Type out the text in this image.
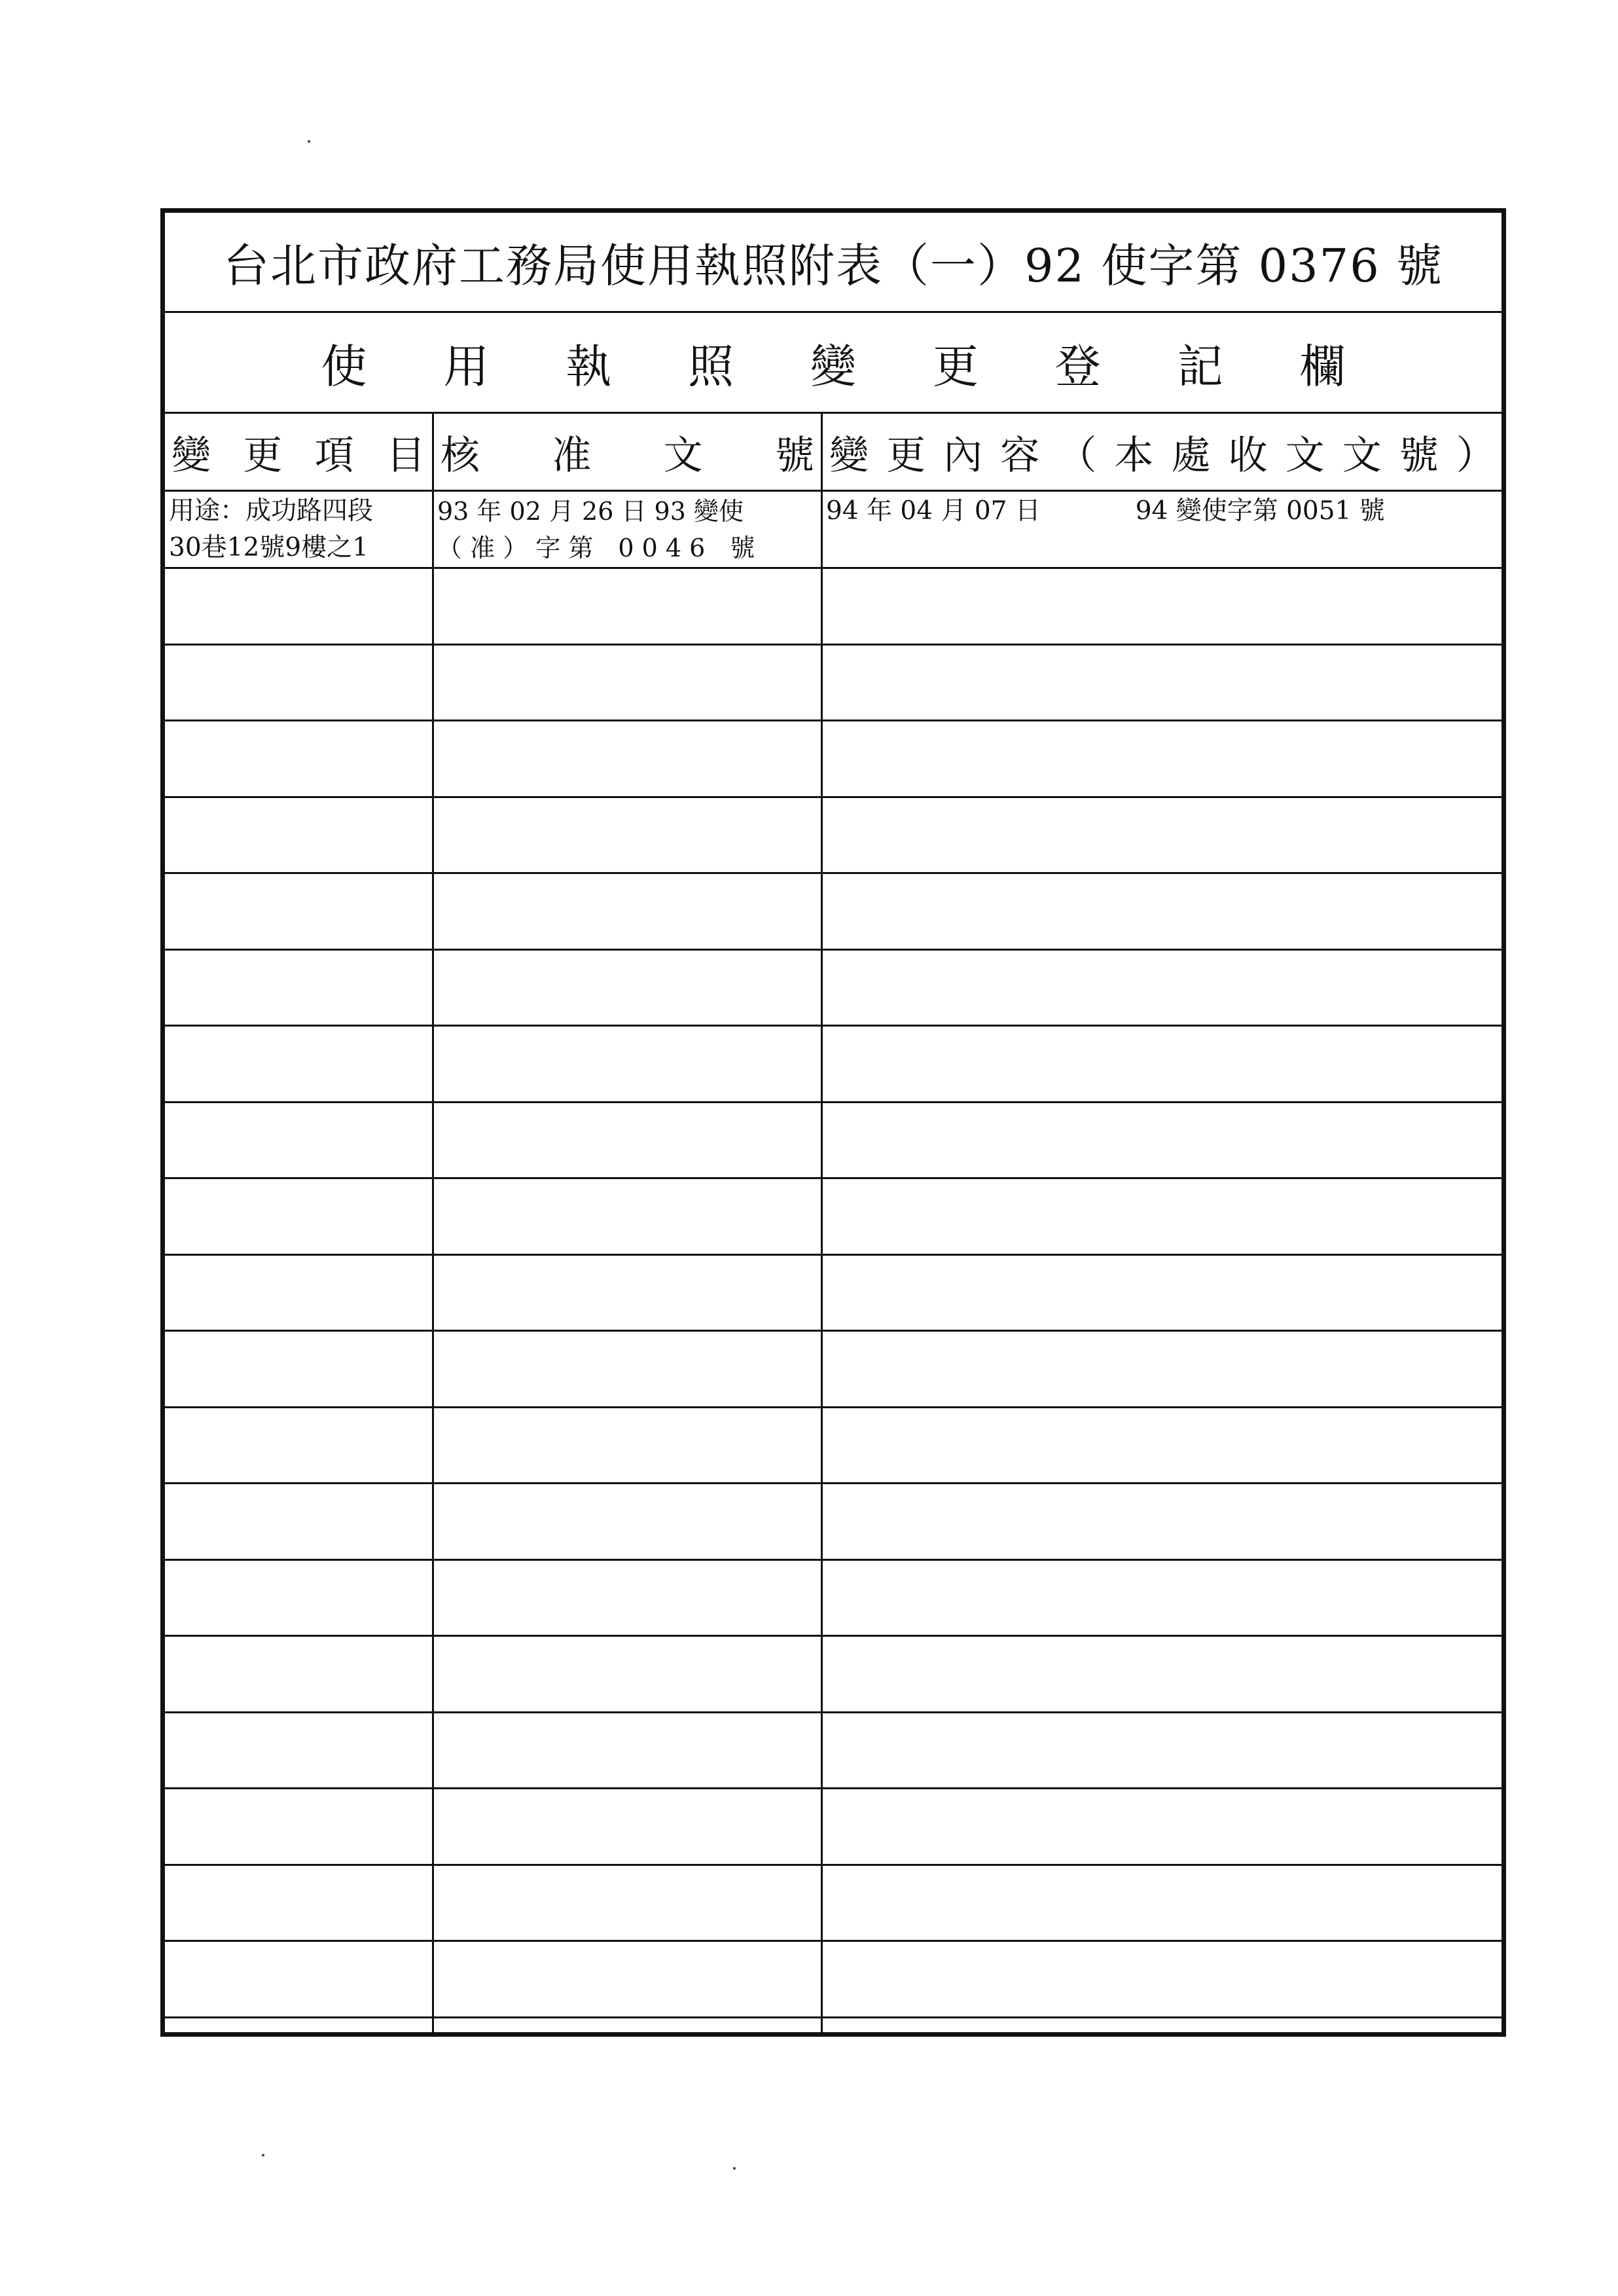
台北市政府工務局使用執照附表（一）92 使字第 0376 號
使 用 執 照 變 更 登 記 欄
變 更 項 目 核 准 文 號 變 更 內 容 （ 本 處 收 文 文 號 ）
用途：成功路四段
30巷12號9樓之1
93 年 02 月 26 日 93 變使
（ 准 ） 字 第　0 0 4 6　號
94 年 04 月 07 日	94 變使字第 0051 號
